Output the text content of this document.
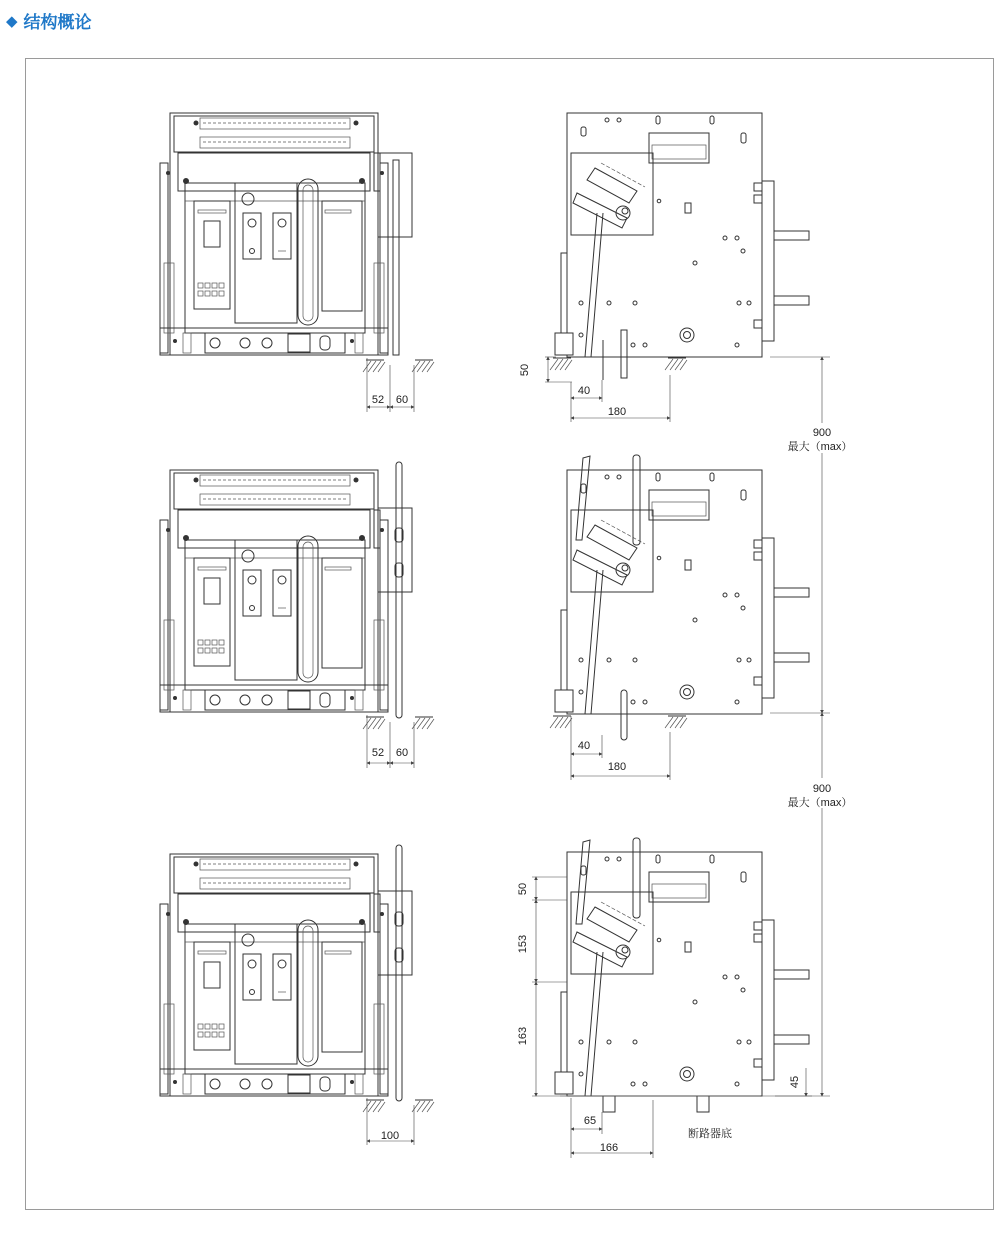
◆ 结构概论
52 60
50
40
180
52 60
40
180
100
50
153
163
65
166
断路器底
45
900
最大（max）
900
最大（max）
